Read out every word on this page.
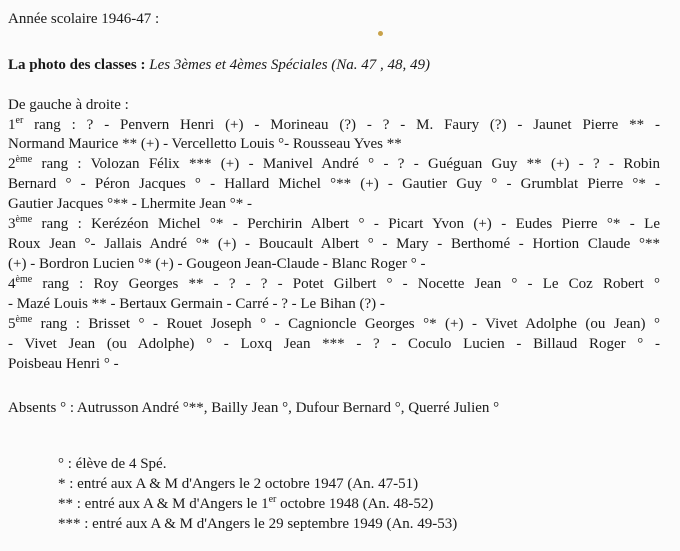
Année scolaire 1946-47 :
La photo des classes : Les 3èmes et 4èmes Spéciales (Na. 47 , 48, 49)
De gauche à droite :
1er rang : ? - Penvern Henri (+) - Morineau (?) - ? - M. Faury (?) - Jaunet Pierre ** -
Normand Maurice ** (+) - Vercelletto Louis °- Rousseau Yves **
2ème rang : Volozan Félix *** (+) - Manivel André ° - ? - Guéguan Guy ** (+) - ? - Robin
Bernard ° - Péron Jacques ° - Hallard Michel °** (+) - Gautier Guy ° - Grumblat Pierre °* -
Gautier Jacques °** - Lhermite Jean °* -
3ème rang : Kerézéon Michel °* - Perchirin Albert ° - Picart Yvon (+) - Eudes Pierre °* - Le
Roux Jean °- Jallais André °* (+) - Boucault Albert ° - Mary - Berthomé - Hortion Claude °**
(+) - Bordron Lucien °* (+) - Gougeon Jean-Claude - Blanc Roger ° -
4ème rang : Roy Georges ** - ? - ? - Potet Gilbert ° - Nocette Jean ° - Le Coz Robert °
- Mazé Louis ** - Bertaux Germain - Carré - ? - Le Bihan (?) -
5ème rang : Brisset ° - Rouet Joseph ° - Cagnioncle Georges °* (+) - Vivet Adolphe (ou Jean) °
- Vivet Jean (ou Adolphe) ° - Loxq Jean *** - ? - Coculo Lucien - Billaud Roger ° -
Poisbeau Henri ° -
Absents ° : Autrusson André °**, Bailly Jean °, Dufour Bernard °, Querré Julien °
° : élève de 4 Spé.
* : entré aux A & M d'Angers le 2 octobre 1947 (An. 47-51)
** : entré aux A & M d'Angers le 1er octobre 1948 (An. 48-52)
*** : entré aux A & M d'Angers le 29 septembre 1949 (An. 49-53)
